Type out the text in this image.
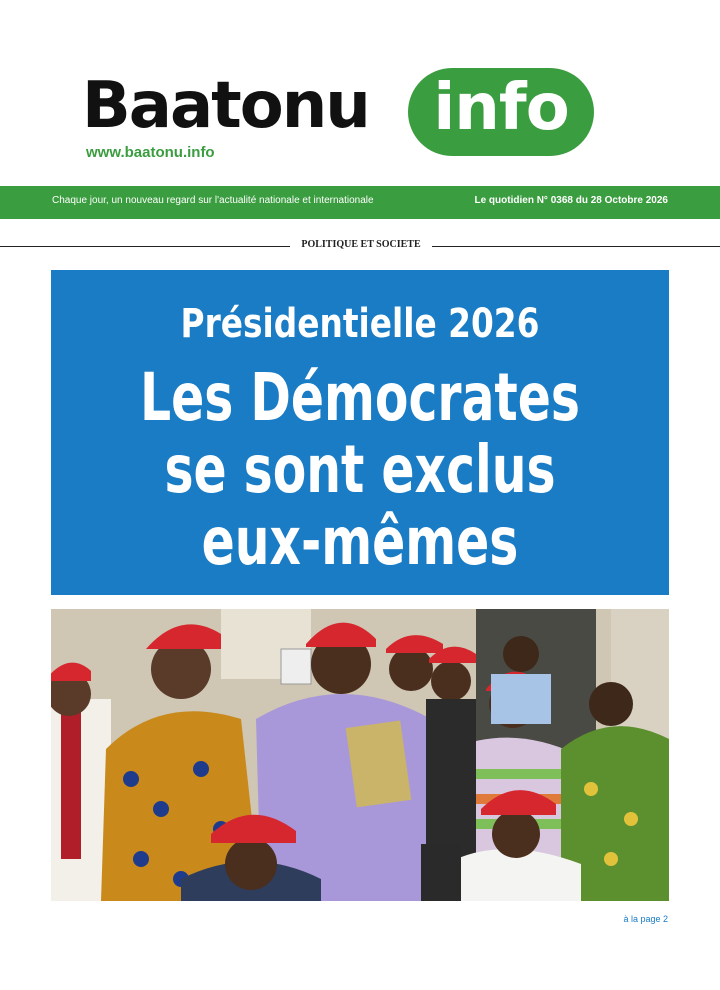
Baatonu	info
www.baatonu.info
Chaque jour, un nouveau regard sur l'actualité nationale et internationale	Le quotidien N° 0368 du 28 Octobre 2026
POLITIQUE ET SOCIETE
Présidentielle 2026
Les Démocrates
se sont exclus
eux-mêmes
à la page 2
